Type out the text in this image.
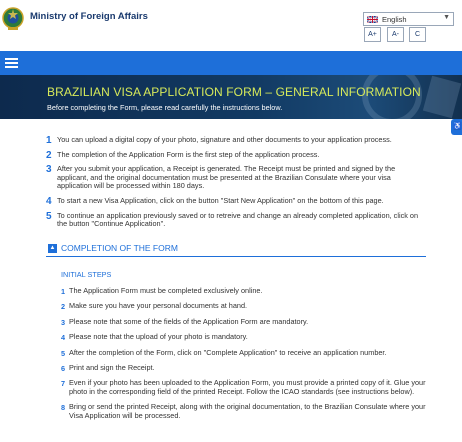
Ministry of Foreign Affairs	English	▼
A+	A-	C
BRAZILIAN VISA APPLICATION FORM – GENERAL INFORMATION
Before completing the Form, please read carefully the instructions below.
♿
1 You can upload a digital copy of your photo, signature and other documents to your application process.
2 The completion of the Application Form is the first step of the application process.
3 After you submit your application, a Receipt is generated. The Receipt must be printed and signed by the applicant, and the original documentation must be presented at the Brazilian Consulate where your visa application will be processed within 180 days.
4 To start a new Visa Application, click on the button "Start New Application" on the bottom of this page.
5 To continue an application previously saved or to retreive and change an already completed application, click on the button "Continue Application".
▲ COMPLETION OF THE FORM
INITIAL STEPS
1 The Application Form must be completed exclusively online.
2 Make sure you have your personal documents at hand.
3 Please note that some of the fields of the Application Form are mandatory.
4 Please note that the upload of your photo is mandatory.
5 After the completion of the Form, click on "Complete Application" to receive an application number.
6 Print and sign the Receipt.
7 Even if your photo has been uploaded to the Application Form, you must provide a printed copy of it. Glue your photo in the corresponding field of the printed Receipt. Follow the ICAO standards (see instructions below).
8 Bring or send the printed Receipt, along with the original documentation, to the Brazilian Consulate where your Visa Application will be processed.
